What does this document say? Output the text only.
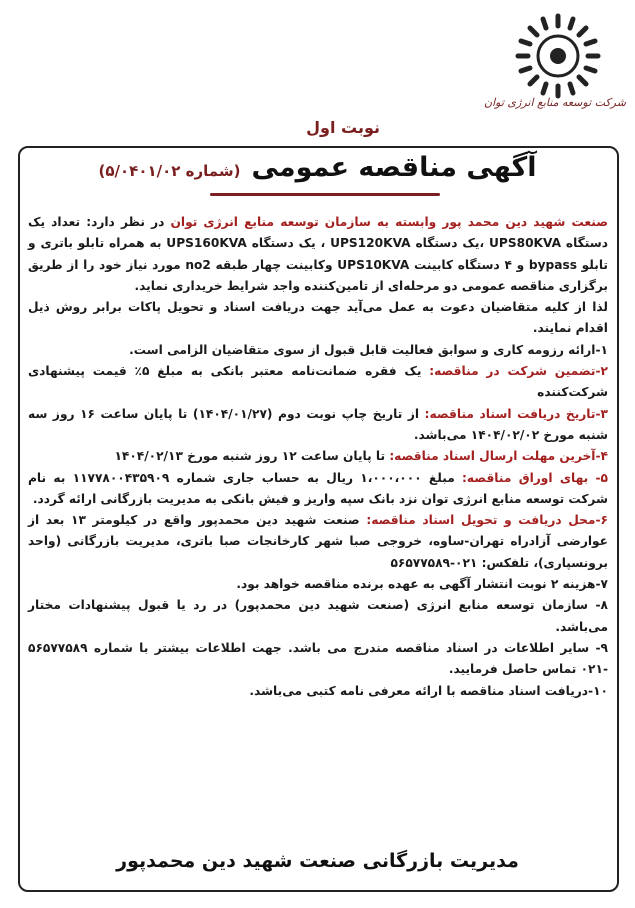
شرکت توسعه منابع انرژی توان
نوبت اول
آگهی مناقصه عمومی (شماره ۵/۰۴۰۱/۰۲)

صنعت شهید دین محمد پور وابسته به سازمان توسعه منابع انرژی توان در نظر دارد: تعداد یک دستگاه UPS80KVA ،یک دستگاه UPS120KVA ، یک دستگاه UPS160KVA به همراه تابلو باتری و تابلو bypass و ۴ دستگاه کابینت UPS10KVA وکابینت چهار طبقه no2 مورد نیاز خود را از طریق برگزاری مناقصه عمومی دو مرحله‌ای از تامین‌کننده واجد شرایط خریداری نماید.

لذا از کلیه متقاضیان دعوت به عمل می‌آید جهت دریافت اسناد و تحویل پاکات برابر روش ذیل اقدام نمایند.

۱-ارائه رزومه کاری و سوابق فعالیت قابل قبول از سوی متقاضیان الزامی است.

۲-تضمین شرکت در مناقصه: یک فقره ضمانت‌نامه معتبر بانکی به مبلغ ۵٪ قیمت پیشنهادی شرکت‌کننده

۳-تاریخ دریافت اسناد مناقصه: از تاریخ چاپ نوبت دوم (۱۴۰۴/۰۱/۲۷) تا پایان ساعت ۱۶ روز سه شنبه مورخ ۱۴۰۴/۰۲/۰۲ می‌باشد.

۴-آخرین مهلت ارسال اسناد مناقصه: تا پایان ساعت ۱۲ روز شنبه مورخ ۱۴۰۴/۰۲/۱۳

۵- بهای اوراق مناقصه: مبلغ ۱،۰۰۰،۰۰۰ ریال به حساب جاری شماره ۱۱۷۷۸۰۰۴۳۵۹۰۹ به نام شرکت توسعه منابع انرژی توان نزد بانک سپه واریز و فیش بانکی به مدیریت بازرگانی ارائه گردد.

۶-محل دریافت و تحویل اسناد مناقصه: صنعت شهید دین محمدپور واقع در کیلومتر ۱۳ بعد از عوارضی آزادراه تهران-ساوه، خروجی صبا شهر کارخانجات صبا باتری، مدیریت بازرگانی (واحد برونسپاری)، تلفکس: ۰۲۱-۵۶۵۷۷۵۸۹

۷-هزینه ۲ نوبت انتشار آگهی به عهده برنده مناقصه خواهد بود.

۸- سازمان توسعه منابع انرژی (صنعت شهید دین محمدپور) در رد یا قبول پیشنهادات مختار می‌باشد.

۹- سایر اطلاعات در اسناد مناقصه مندرج می باشد. جهت اطلاعات بیشتر با شماره ۵۶۵۷۷۵۸۹ -۰۲۱ تماس حاصل فرمایید.

۱۰-دریافت اسناد مناقصه با ارائه معرفی نامه کتبی می‌باشد.

مدیریت بازرگانی صنعت شهید دین محمدپور
